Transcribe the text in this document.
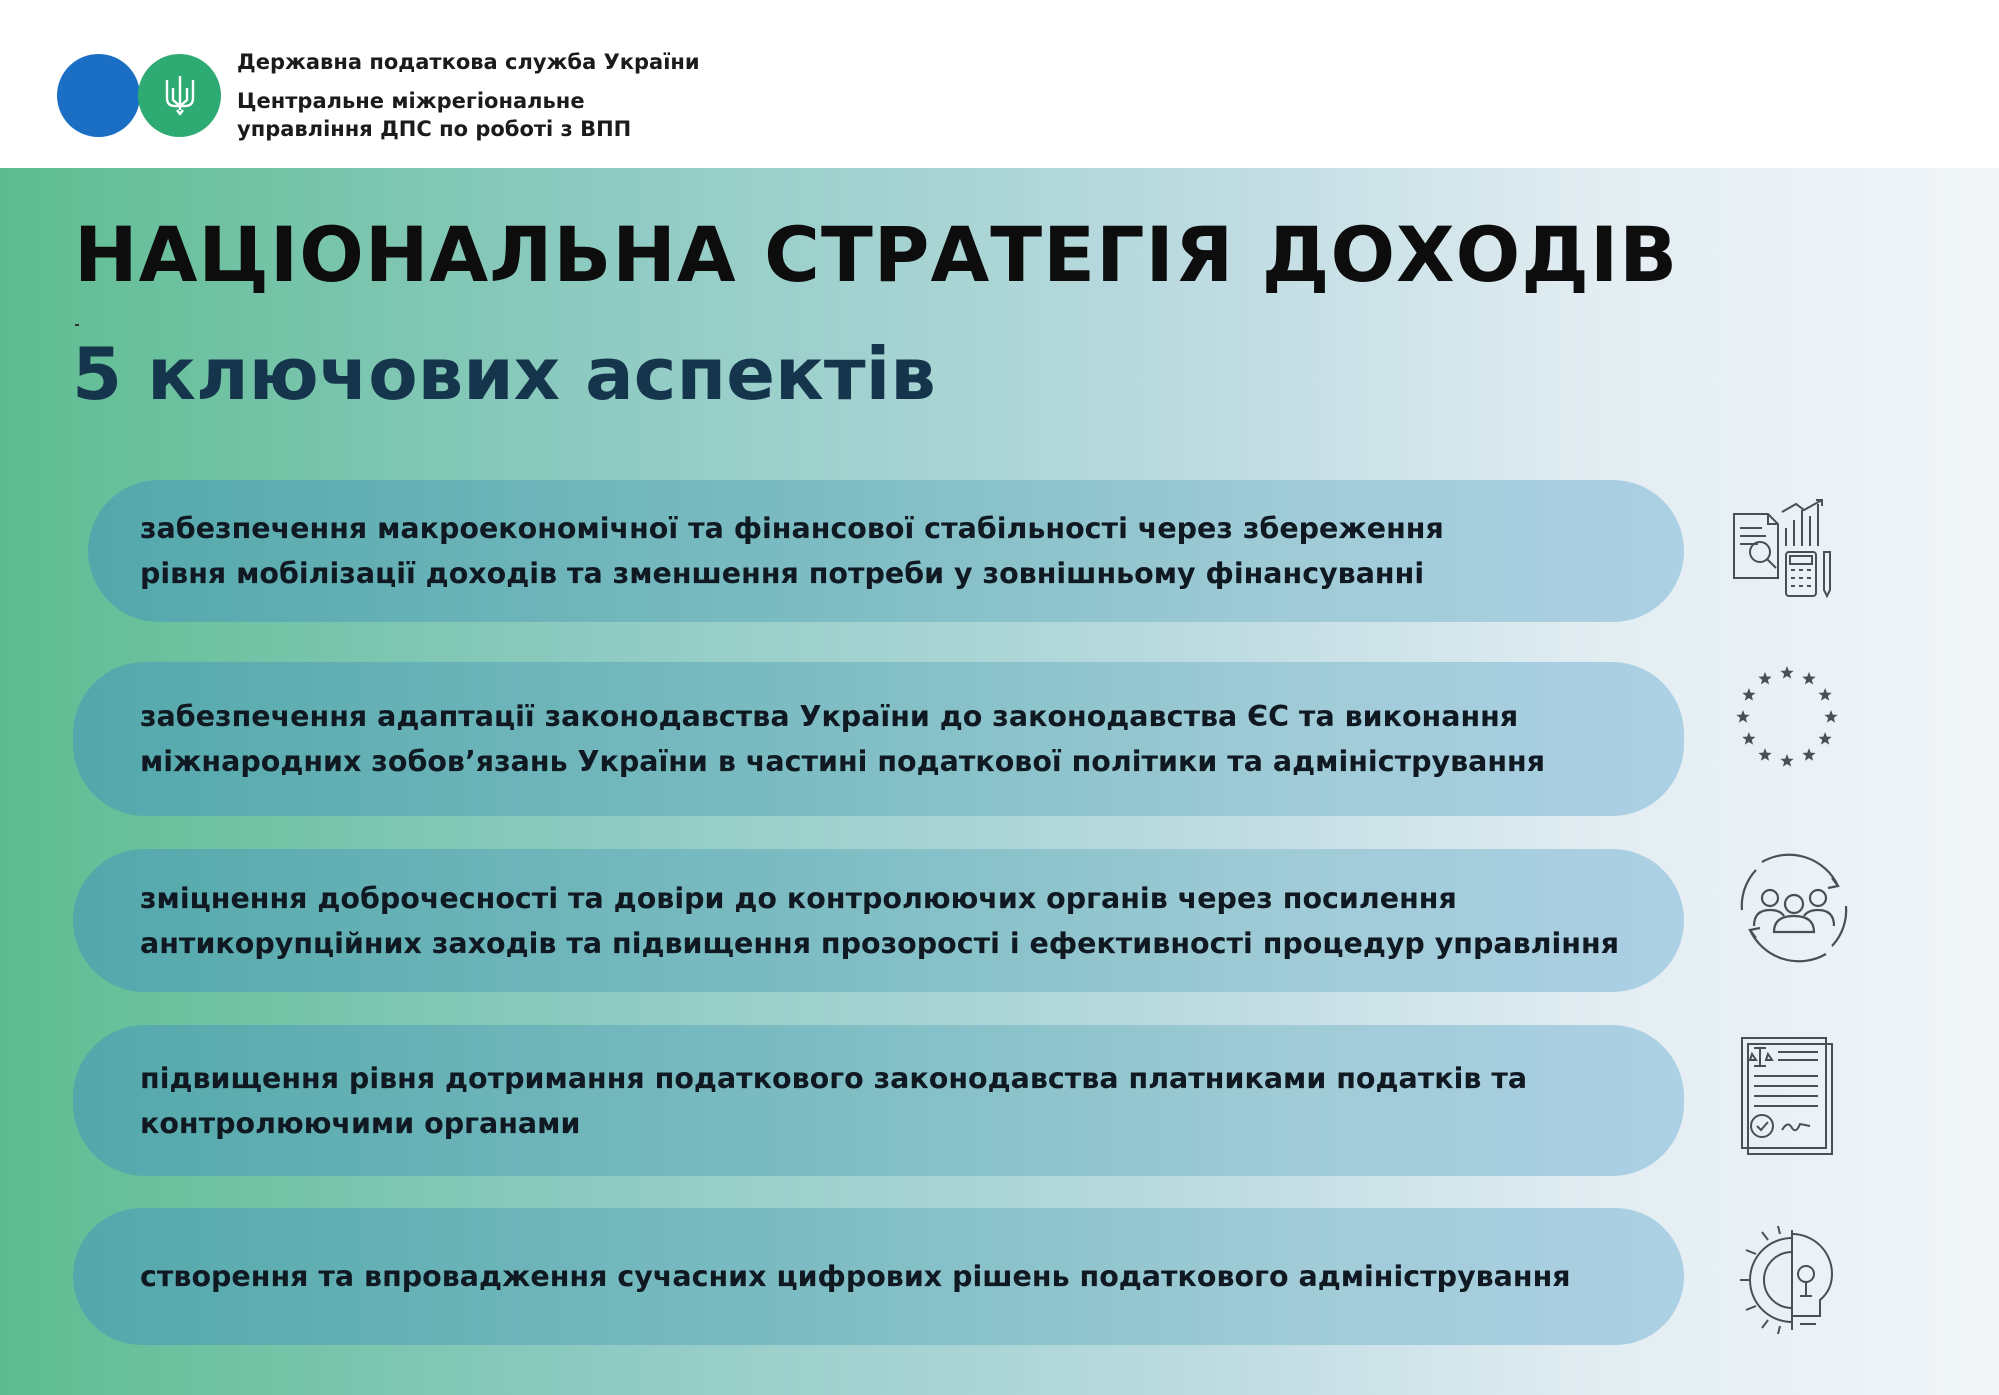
Державна податкова служба України
Центральне міжрегіональне
управління ДПС по роботі з ВПП
НАЦІОНАЛЬНА СТРАТЕГІЯ ДОХОДІВ
5 ключових аспектів
забезпечення макроекономічної та фінансової стабільності через збереження
рівня мобілізації доходів та зменшення потреби у зовнішньому фінансуванні
забезпечення адаптації законодавства України до законодавства ЄС та виконання
міжнародних зобов’язань України в частині податкової політики та адміністрування
зміцнення доброчесності та довіри до контролюючих органів через посилення
антикорупційних заходів та підвищення прозорості і ефективності процедур управління
підвищення рівня дотримання податкового законодавства платниками податків та
контролюючими органами
створення та впровадження сучасних цифрових рішень податкового адміністрування
